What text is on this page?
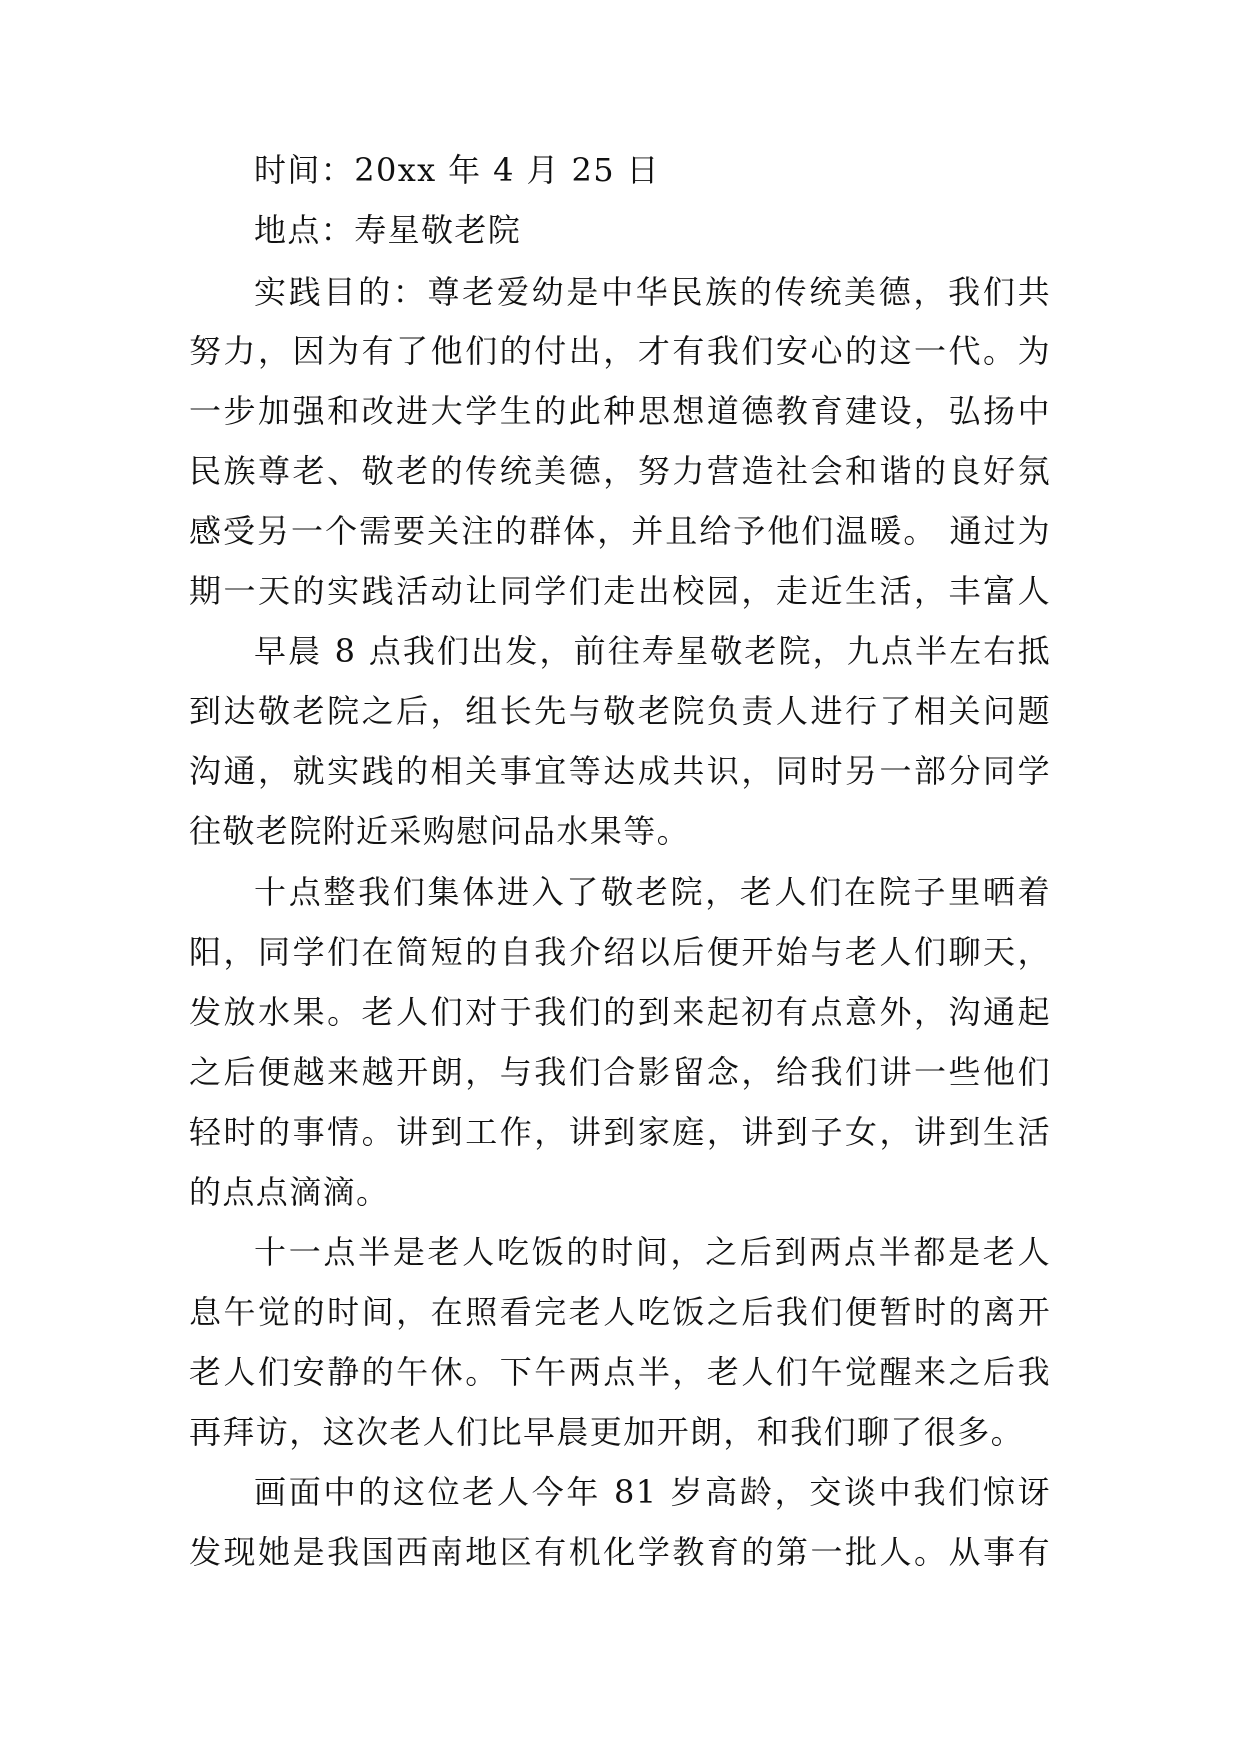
时间：20xx 年 4 月 25 日
地点：寿星敬老院
实践目的：尊老爱幼是中华民族的传统美德，我们共
努力，因为有了他们的付出，才有我们安心的这一代。为
一步加强和改进大学生的此种思想道德教育建设，弘扬中
民族尊老、敬老的传统美德，努力营造社会和谐的良好氛
感受另一个需要关注的群体，并且给予他们温暖。 通过为
期一天的实践活动让同学们走出校园，走近生活，丰富人
早晨 8 点我们出发，前往寿星敬老院，九点半左右抵
到达敬老院之后，组长先与敬老院负责人进行了相关问题
沟通，就实践的相关事宜等达成共识，同时另一部分同学
往敬老院附近采购慰问品水果等。
十点整我们集体进入了敬老院，老人们在院子里晒着
阳，同学们在简短的自我介绍以后便开始与老人们聊天，
发放水果。老人们对于我们的到来起初有点意外，沟通起
之后便越来越开朗，与我们合影留念，给我们讲一些他们
轻时的事情。讲到工作，讲到家庭，讲到子女，讲到生活
的点点滴滴。
十一点半是老人吃饭的时间，之后到两点半都是老人
息午觉的时间，在照看完老人吃饭之后我们便暂时的离开
老人们安静的午休。下午两点半，老人们午觉醒来之后我
再拜访，这次老人们比早晨更加开朗，和我们聊了很多。
画面中的这位老人今年 81 岁高龄，交谈中我们惊讶
发现她是我国西南地区有机化学教育的第一批人。从事有
